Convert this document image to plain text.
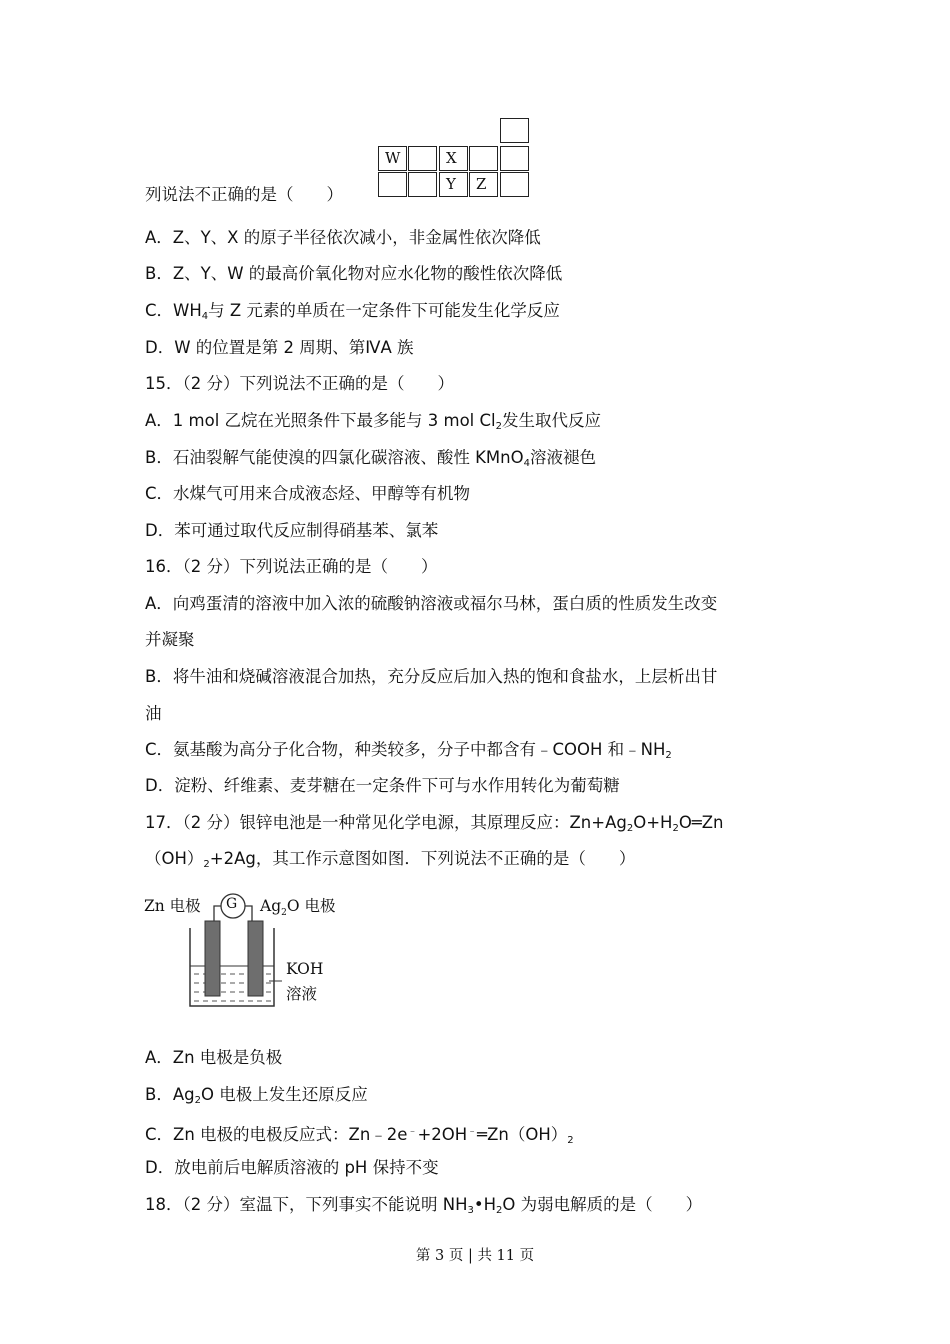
列说法不正确的是（　　）
A．Z、Y、X 的原子半径依次减小，非金属性依次降低
B．Z、Y、W 的最高价氧化物对应水化物的酸性依次降低
C．$WH_4$与 Z 元素的单质在一定条件下可能发生化学反应
D．W 的位置是第 2 周期、第ⅣA 族
15．（2 分）下列说法不正确的是（　　）
A．1 mol 乙烷在光照条件下最多能与 3 mol $Cl_2$发生取代反应
B．石油裂解气能使溴的四氯化碳溶液、酸性 KMnO$_4$溶液褪色
C．水煤气可用来合成液态烃、甲醇等有机物
D．苯可通过取代反应制得硝基苯、氯苯
16．（2 分）下列说法正确的是（　　）
A．向鸡蛋清的溶液中加入浓的硫酸钠溶液或福尔马林，蛋白质的性质发生改变
并凝聚
B．将牛油和烧碱溶液混合加热，充分反应后加入热的饱和食盐水，上层析出甘
油
C．氨基酸为高分子化合物，种类较多，分子中都含有﹣COOH 和$﹣NH_2$
D．淀粉、纤维素、麦芽糖在一定条件下可与水作用转化为葡萄糖
17．（2 分）银锌电池是一种常见化学电源，其原理反应：$Zn+Ag_2O+H_2O═Zn$
$(OH)_2+2Ag$，其工作示意图如图．下列说法不正确的是（　　）
A．Zn 电极是负极
B．$Ag_2O$ 电极上发生还原反应
C．Zn 电极的电极反应式：$Zn﹣2e^﹣+2OH^﹣═Zn(OH)_2$
D．放电前后电解质溶液的 pH 保持不变
18．（2 分）室温下，下列事实不能说明 $NH_3•H_2O$ 为弱电解质的是（　　）
W	X
Y	Z
Zn 电极 G $Ag_2O$ 电极
KOH
溶液
第 3 页 | 共 11 页
